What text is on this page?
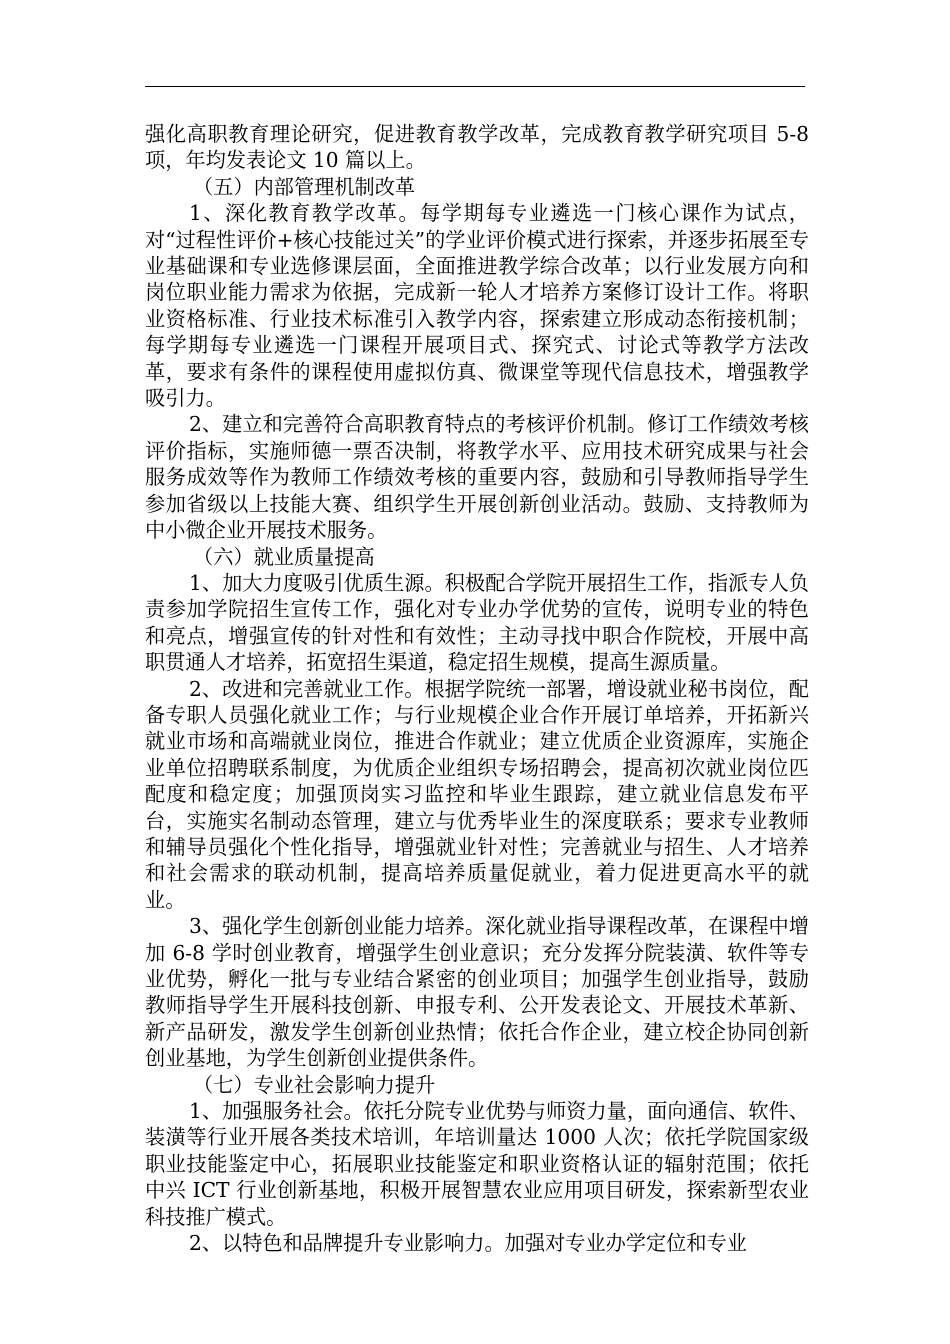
强化高职教育理论研究，促进教育教学改革，完成教育教学研究项目 5-8 项，年均发表论文 10 篇以上。

（五）内部管理机制改革

1、深化教育教学改革。每学期每专业遴选一门核心课作为试点，对“过程性评价+核心技能过关”的学业评价模式进行探索，并逐步拓展至专业基础课和专业选修课层面，全面推进教学综合改革；以行业发展方向和岗位职业能力需求为依据，完成新一轮人才培养方案修订设计工作。将职业资格标准、行业技术标准引入教学内容，探索建立形成动态衔接机制；每学期每专业遴选一门课程开展项目式、探究式、讨论式等教学方法改革，要求有条件的课程使用虚拟仿真、微课堂等现代信息技术，增强教学吸引力。

2、建立和完善符合高职教育特点的考核评价机制。修订工作绩效考核评价指标，实施师德一票否决制，将教学水平、应用技术研究成果与社会服务成效等作为教师工作绩效考核的重要内容，鼓励和引导教师指导学生参加省级以上技能大赛、组织学生开展创新创业活动。鼓励、支持教师为中小微企业开展技术服务。

（六）就业质量提高

1、加大力度吸引优质生源。积极配合学院开展招生工作，指派专人负责参加学院招生宣传工作，强化对专业办学优势的宣传，说明专业的特色和亮点，增强宣传的针对性和有效性；主动寻找中职合作院校，开展中高职贯通人才培养，拓宽招生渠道，稳定招生规模，提高生源质量。

2、改进和完善就业工作。根据学院统一部署，增设就业秘书岗位，配备专职人员强化就业工作；与行业规模企业合作开展订单培养，开拓新兴就业市场和高端就业岗位，推进合作就业；建立优质企业资源库，实施企业单位招聘联系制度，为优质企业组织专场招聘会，提高初次就业岗位匹配度和稳定度；加强顶岗实习监控和毕业生跟踪，建立就业信息发布平台，实施实名制动态管理，建立与优秀毕业生的深度联系；要求专业教师和辅导员强化个性化指导，增强就业针对性；完善就业与招生、人才培养和社会需求的联动机制，提高培养质量促就业，着力促进更高水平的就业。

3、强化学生创新创业能力培养。深化就业指导课程改革，在课程中增加 6-8 学时创业教育，增强学生创业意识；充分发挥分院装潢、软件等专业优势，孵化一批与专业结合紧密的创业项目；加强学生创业指导，鼓励教师指导学生开展科技创新、申报专利、公开发表论文、开展技术革新、新产品研发，激发学生创新创业热情；依托合作企业，建立校企协同创新创业基地，为学生创新创业提供条件。

（七）专业社会影响力提升

1、加强服务社会。依托分院专业优势与师资力量，面向通信、软件、装潢等行业开展各类技术培训，年培训量达 1000 人次；依托学院国家级职业技能鉴定中心，拓展职业技能鉴定和职业资格认证的辐射范围；依托中兴 ICT 行业创新基地，积极开展智慧农业应用项目研发，探索新型农业科技推广模式。

2、以特色和品牌提升专业影响力。加强对专业办学定位和专业
